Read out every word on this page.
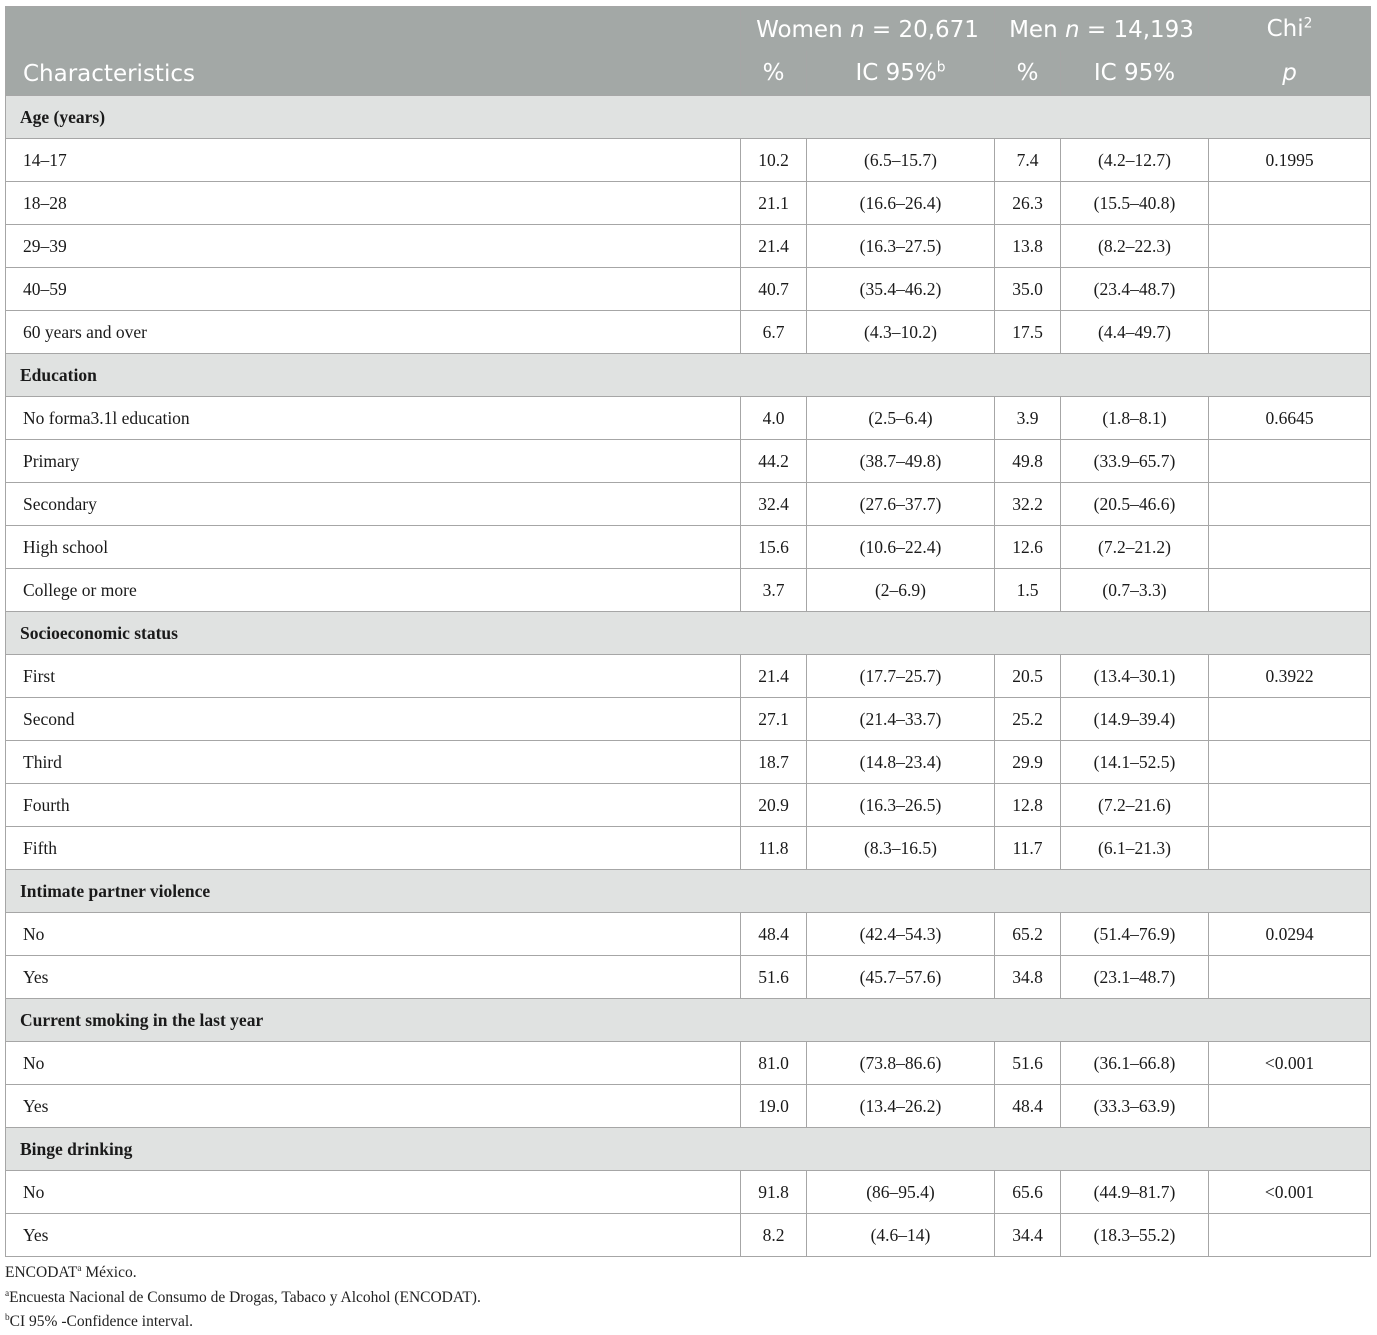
Characteristics	Women n = 20,671		Men n = 14,193		Chi$^2$
	%	IC 95%$^b$	%	IC 95%	p
Age (years)					
14–17	10.2	(6.5–15.7)	7.4	(4.2–12.7)	0.1995
18–28	21.1	(16.6–26.4)	26.3	(15.5–40.8)	
29–39	21.4	(16.3–27.5)	13.8	(8.2–22.3)	
40–59	40.7	(35.4–46.2)	35.0	(23.4–48.7)	
60 years and over	6.7	(4.3–10.2)	17.5	(4.4–49.7)	
Education					
No forma3.1l education	4.0	(2.5–6.4)	3.9	(1.8–8.1)	0.6645
Primary	44.2	(38.7–49.8)	49.8	(33.9–65.7)	
Secondary	32.4	(27.6–37.7)	32.2	(20.5–46.6)	
High school	15.6	(10.6–22.4)	12.6	(7.2–21.2)	
College or more	3.7	(2–6.9)	1.5	(0.7–3.3)	
Socioeconomic status					
First	21.4	(17.7–25.7)	20.5	(13.4–30.1)	0.3922
Second	27.1	(21.4–33.7)	25.2	(14.9–39.4)	
Third	18.7	(14.8–23.4)	29.9	(14.1–52.5)	
Fourth	20.9	(16.3–26.5)	12.8	(7.2–21.6)	
Fifth	11.8	(8.3–16.5)	11.7	(6.1–21.3)	
Intimate partner violence					
No	48.4	(42.4–54.3)	65.2	(51.4–76.9)	0.0294
Yes	51.6	(45.7–57.6)	34.8	(23.1–48.7)	
Current smoking in the last year					
No	81.0	(73.8–86.6)	51.6	(36.1–66.8)	<0.001
Yes	19.0	(13.4–26.2)	48.4	(33.3–63.9)	
Binge drinking					
No	91.8	(86–95.4)	65.6	(44.9–81.7)	<0.001
Yes	8.2	(4.6–14)	34.4	(18.3–55.2)	
ENCODAT$^a$ México.
$^a$Encuesta Nacional de Consumo de Drogas, Tabaco y Alcohol (ENCODAT).
$^b$CI 95% -Confidence interval.
